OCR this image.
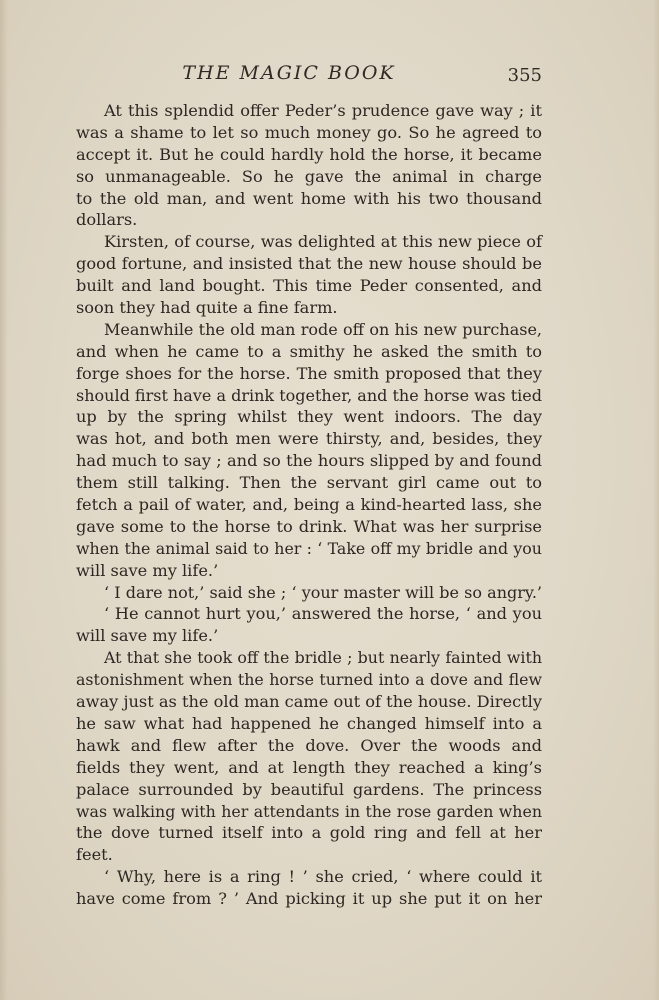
THE MAGIC BOOK	355
At this splendid offer Peder’s prudence gave way ; it
was a shame to let so much money go. So he agreed to
accept it. But he could hardly hold the horse, it became
so unmanageable. So he gave the animal in charge
to the old man, and went home with his two thousand
dollars.
Kirsten, of course, was delighted at this new piece of
good fortune, and insisted that the new house should be
built and land bought. This time Peder consented, and
soon they had quite a fine farm.
Meanwhile the old man rode off on his new purchase,
and when he came to a smithy he asked the smith to
forge shoes for the horse. The smith proposed that they
should first have a drink together, and the horse was tied
up by the spring whilst they went indoors. The day
was hot, and both men were thirsty, and, besides, they
had much to say ; and so the hours slipped by and found
them still talking. Then the servant girl came out to
fetch a pail of water, and, being a kind-hearted lass, she
gave some to the horse to drink. What was her surprise
when the animal said to her : ‘ Take off my bridle and you
will save my life.’
‘ I dare not,’ said she ; ‘ your master will be so angry.’
‘ He cannot hurt you,’ answered the horse, ‘ and you
will save my life.’
At that she took off the bridle ; but nearly fainted with
astonishment when the horse turned into a dove and flew
away just as the old man came out of the house. Directly
he saw what had happened he changed himself into a
hawk and flew after the dove. Over the woods and
fields they went, and at length they reached a king’s
palace surrounded by beautiful gardens. The princess
was walking with her attendants in the rose garden when
the dove turned itself into a gold ring and fell at her
feet.
‘ Why, here is a ring ! ’ she cried, ‘ where could it
have come from ? ’ And picking it up she put it on her
